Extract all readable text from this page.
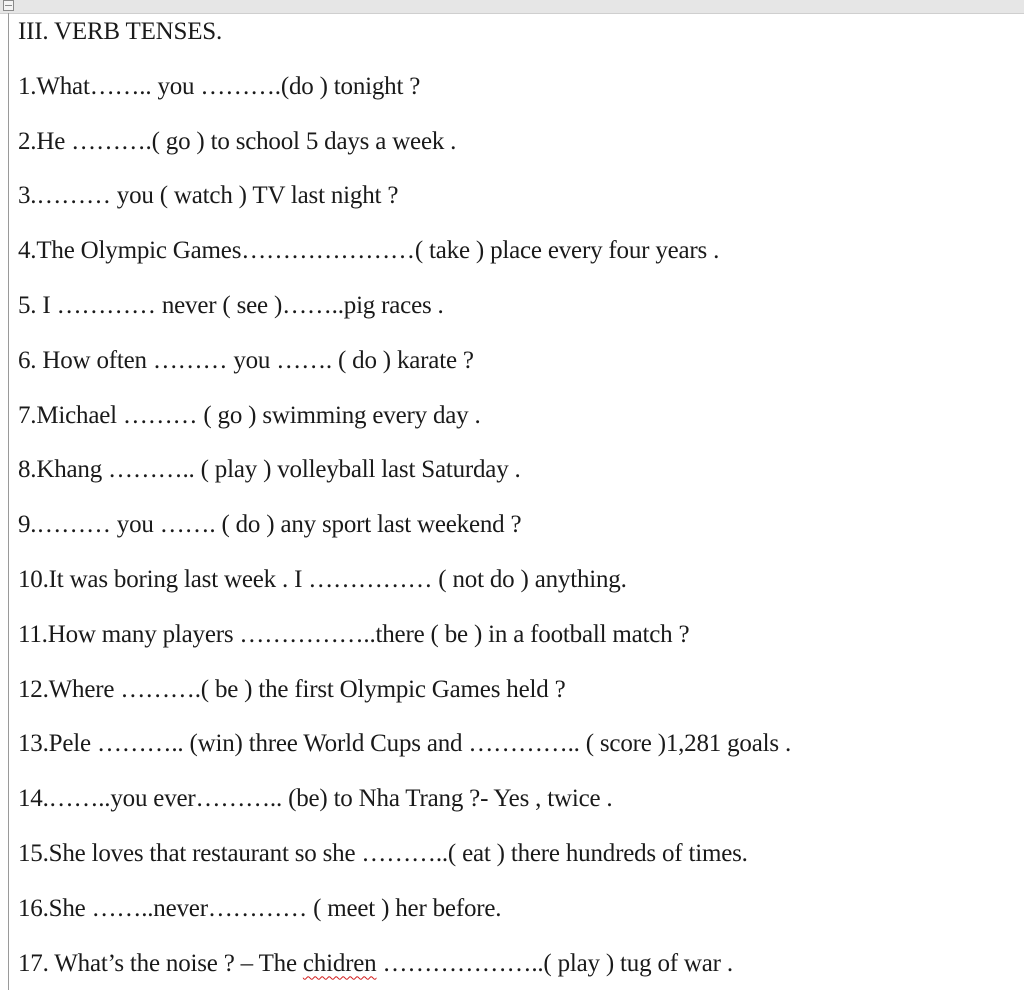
III. VERB TENSES.
1.What…….. you ……….(do ) tonight ?
2.He ……….( go ) to school 5 days a week .
3.……… you ( watch ) TV last night ?
4.The Olympic Games…………………( take ) place every four years .
5. I ………… never ( see )……..pig races .
6. How often ……… you ……. ( do ) karate ?
7.Michael ……… ( go ) swimming every day .
8.Khang ……….. ( play ) volleyball last Saturday .
9.……… you ……. ( do ) any sport last weekend ?
10.It was boring last week . I …………… ( not do ) anything.
11.How many players ……………..there ( be ) in a football match ?
12.Where ……….( be ) the first Olympic Games held ?
13.Pele ……….. (win) three World Cups and ………….. ( score )1,281 goals .
14.……..you ever……….. (be) to Nha Trang ?- Yes , twice .
15.She loves that restaurant so she ………..( eat ) there hundreds of times.
16.She ……..never………… ( meet ) her before.
17. What’s the noise ? – The chidren ………………..( play ) tug of war .
